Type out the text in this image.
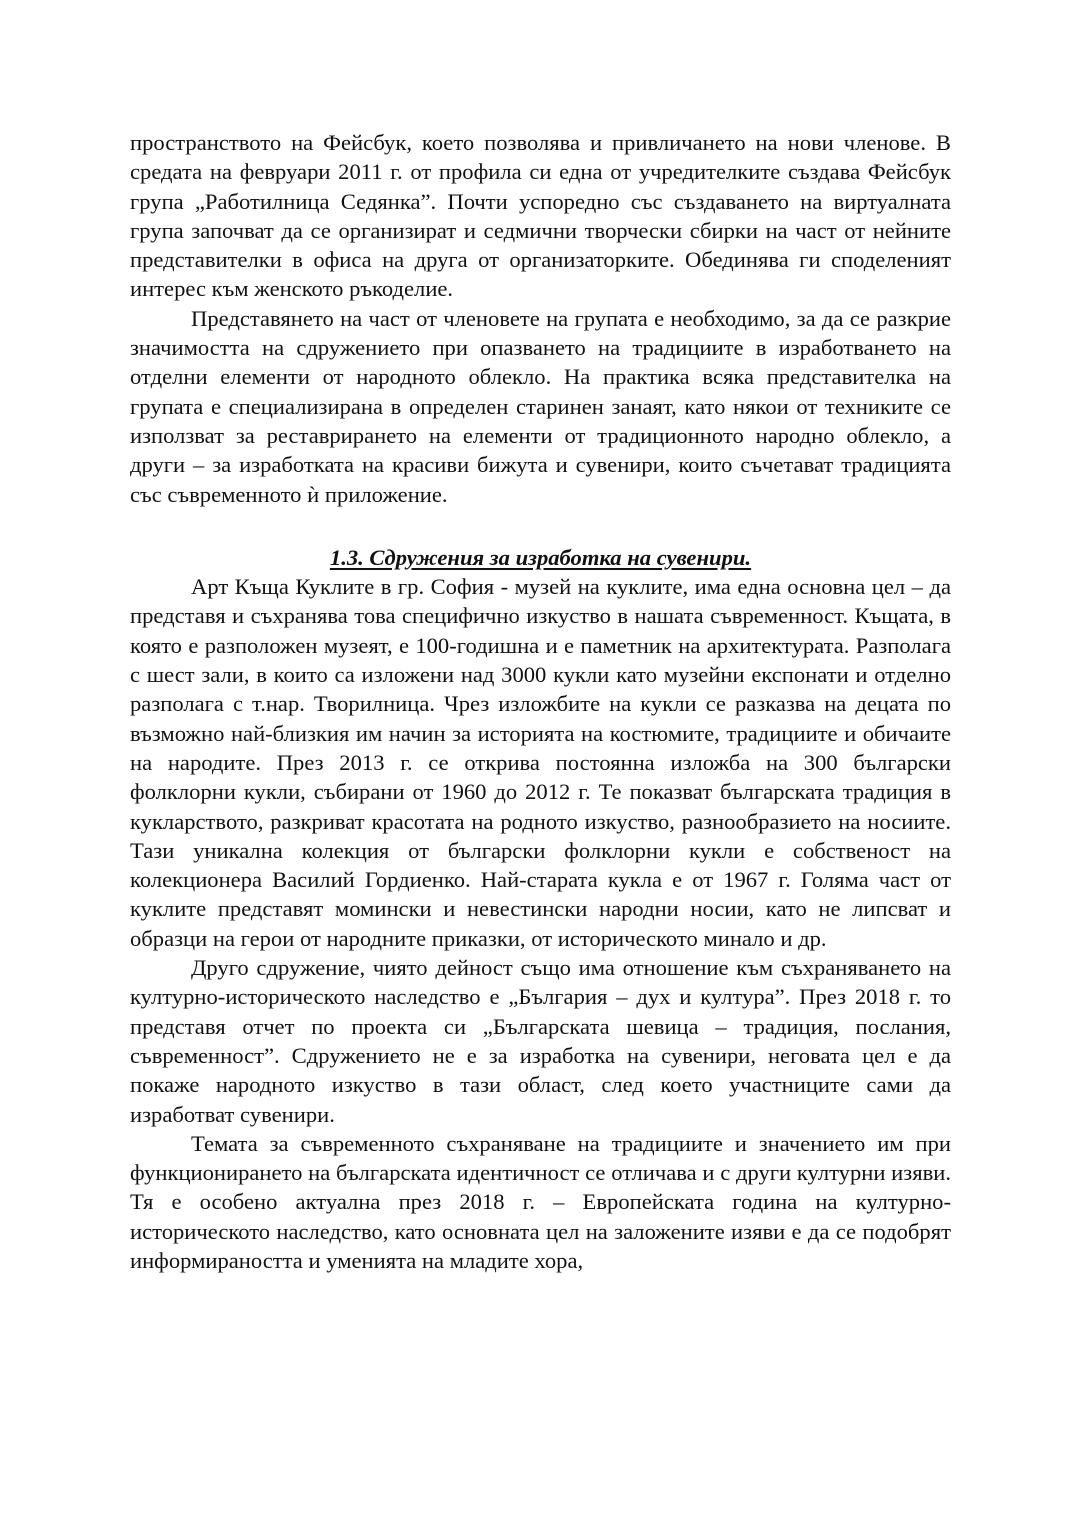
пространството на Фейсбук, което позволява и привличането на нови членове. В средата на февруари 2011 г. от профила си една от учредителките създава Фейсбук група „Работилница Седянка”. Почти успоредно със създаването на виртуалната група започват да се организират и седмични творчески сбирки на част от нейните представителки в офиса на друга от организаторките. Обединява ги споделеният интерес към женското ръкоделие.

Представянето на част от членовете на групата е необходимо, за да се разкрие значимостта на сдружението при опазването на традициите в изработването на отделни елементи от народното облекло. На практика всяка представителка на групата е специализирана в определен старинен занаят, като някои от техниките се използват за реставрирането на елементи от традиционното народно облекло, а други – за изработката на красиви бижута и сувенири, които съчетават традицията със съвременното ѝ приложение.

1.3. Сдружения за изработка на сувенири.

Арт Къща Куклите в гр. София - музей на куклите, има една основна цел – да представя и съхранява това специфично изкуство в нашата съвременност. Къщата, в която е разположен музеят, е 100-годишна и е паметник на архитектурата. Разполага с шест зали, в които са изложени над 3000 кукли като музейни експонати и отделно разполага с т.нар. Творилница. Чрез изложбите на кукли се разказва на децата по възможно най-близкия им начин за историята на костюмите, традициите и обичаите на народите. През 2013 г. се открива постоянна изложба на 300 български фолклорни кукли, събирани от 1960 до 2012 г. Те показват българската традиция в кукларството, разкриват красотата на родното изкуство, разнообразието на носиите. Тази уникална колекция от български фолклорни кукли е собственост на колекционера Василий Гордиенко. Най-старата кукла е от 1967 г. Голяма част от куклите представят момински и невестински народни носии, като не липсват и образци на герои от народните приказки, от историческото минало и др.

Друго сдружение, чиято дейност също има отношение към съхраняването на културно-историческото наследство е „България – дух и култура”. През 2018 г. то представя отчет по проекта си „Българската шевица – традиция, послания, съвременност”. Сдружението не е за изработка на сувенири, неговата цел е да покаже народното изкуство в тази област, след което участниците сами да изработват сувенири.

Темата за съвременното съхраняване на традициите и значението им при функционирането на българската идентичност се отличава и с други културни изяви. Тя е особено актуална през 2018 г. – Европейската година на културно-историческото наследство, като основната цел на заложените изяви е да се подобрят информираността и уменията на младите хора,
